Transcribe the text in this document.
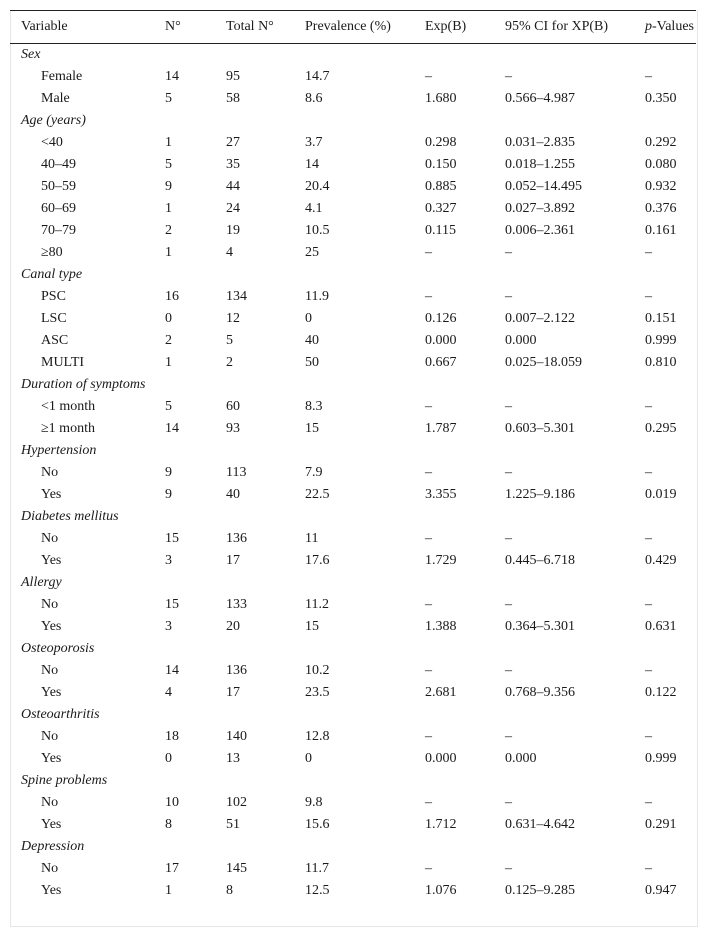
Variable	N°	Total N°	Prevalence (%)	Exp(B)	95% CI for XP(B)	p-Values
Sex						
Female	14	95	14.7	–	–	–
Male	5	58	8.6	1.680	0.566–4.987	0.350
Age (years)						
<40	1	27	3.7	0.298	0.031–2.835	0.292
40–49	5	35	14	0.150	0.018–1.255	0.080
50–59	9	44	20.4	0.885	0.052–14.495	0.932
60–69	1	24	4.1	0.327	0.027–3.892	0.376
70–79	2	19	10.5	0.115	0.006–2.361	0.161
≥80	1	4	25	–	–	–
Canal type						
PSC	16	134	11.9	–	–	–
LSC	0	12	0	0.126	0.007–2.122	0.151
ASC	2	5	40	0.000	0.000	0.999
MULTI	1	2	50	0.667	0.025–18.059	0.810
Duration of symptoms						
<1 month	5	60	8.3	–	–	–
≥1 month	14	93	15	1.787	0.603–5.301	0.295
Hypertension						
No	9	113	7.9	–	–	–
Yes	9	40	22.5	3.355	1.225–9.186	0.019
Diabetes mellitus						
No	15	136	11	–	–	–
Yes	3	17	17.6	1.729	0.445–6.718	0.429
Allergy						
No	15	133	11.2	–	–	–
Yes	3	20	15	1.388	0.364–5.301	0.631
Osteoporosis						
No	14	136	10.2	–	–	–
Yes	4	17	23.5	2.681	0.768–9.356	0.122
Osteoarthritis						
No	18	140	12.8	–	–	–
Yes	0	13	0	0.000	0.000	0.999
Spine problems						
No	10	102	9.8	–	–	–
Yes	8	51	15.6	1.712	0.631–4.642	0.291
Depression						
No	17	145	11.7	–	–	–
Yes	1	8	12.5	1.076	0.125–9.285	0.947
